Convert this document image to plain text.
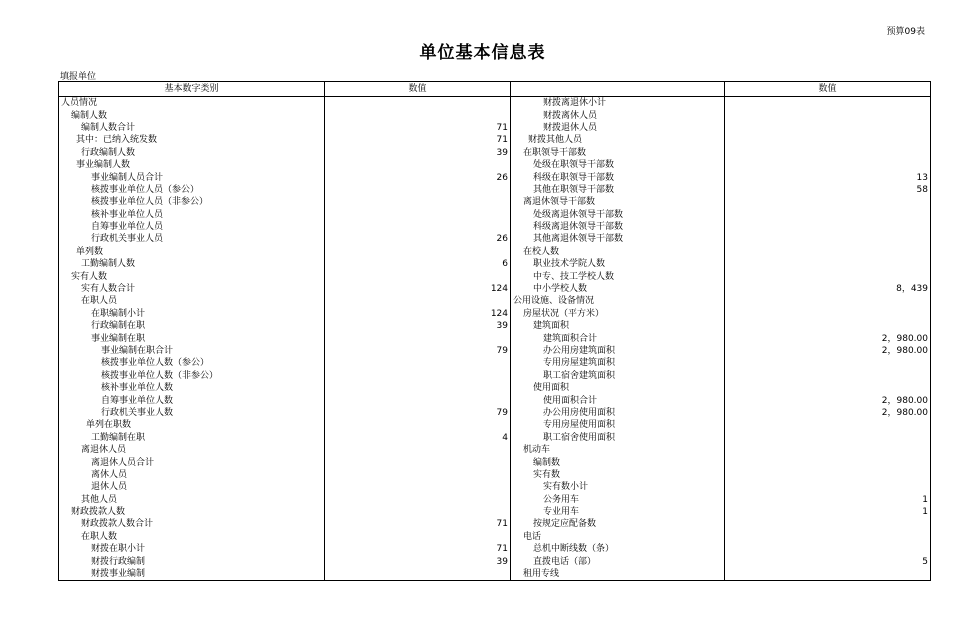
预算09表
单位基本信息表
填报单位
基本数字类别	数值		数值
人员情况		财拨离退休小计	
编制人数		财拨离休人员	
编制人数合计	71	财拨退休人员	
其中：已纳入统发数	71	财拨其他人员	
行政编制人数	39	在职领导干部数	
事业编制人数		处级在职领导干部数	
事业编制人员合计	26	科级在职领导干部数	13
核拨事业单位人员（参公）		其他在职领导干部数	58
核拨事业单位人员（非参公）		离退休领导干部数	
核补事业单位人员		处级离退休领导干部数	
自筹事业单位人员		科级离退休领导干部数	
行政机关事业人员	26	其他离退休领导干部数	
单列数		在校人数	
工勤编制人数	6	职业技术学院人数	
实有人数		中专、技工学校人数	
实有人数合计	124	中小学校人数	8，439
在职人员		公用设施、设备情况	
在职编制小计	124	房屋状况（平方米）	
行政编制在职	39	建筑面积	
事业编制在职		建筑面积合计	2，980.00
事业编制在职合计	79	办公用房建筑面积	2，980.00
核拨事业单位人数（参公）		专用房屋建筑面积	
核拨事业单位人数（非参公）		职工宿舍建筑面积	
核补事业单位人数		使用面积	
自筹事业单位人数		使用面积合计	2，980.00
行政机关事业人数	79	办公用房使用面积	2，980.00
单列在职数		专用房屋使用面积	
工勤编制在职	4	职工宿舍使用面积	
离退休人员		机动车	
离退休人员合计		编制数	
离休人员		实有数	
退休人员		实有数小计	
其他人员		公务用车	1
财政拨款人数		专业用车	1
财政拨款人数合计	71	按规定应配备数	
在职人数		电话	
财拨在职小计	71	总机中断线数（条）	
财拨行政编制	39	直拨电话（部）	5
财拨事业编制		租用专线	
